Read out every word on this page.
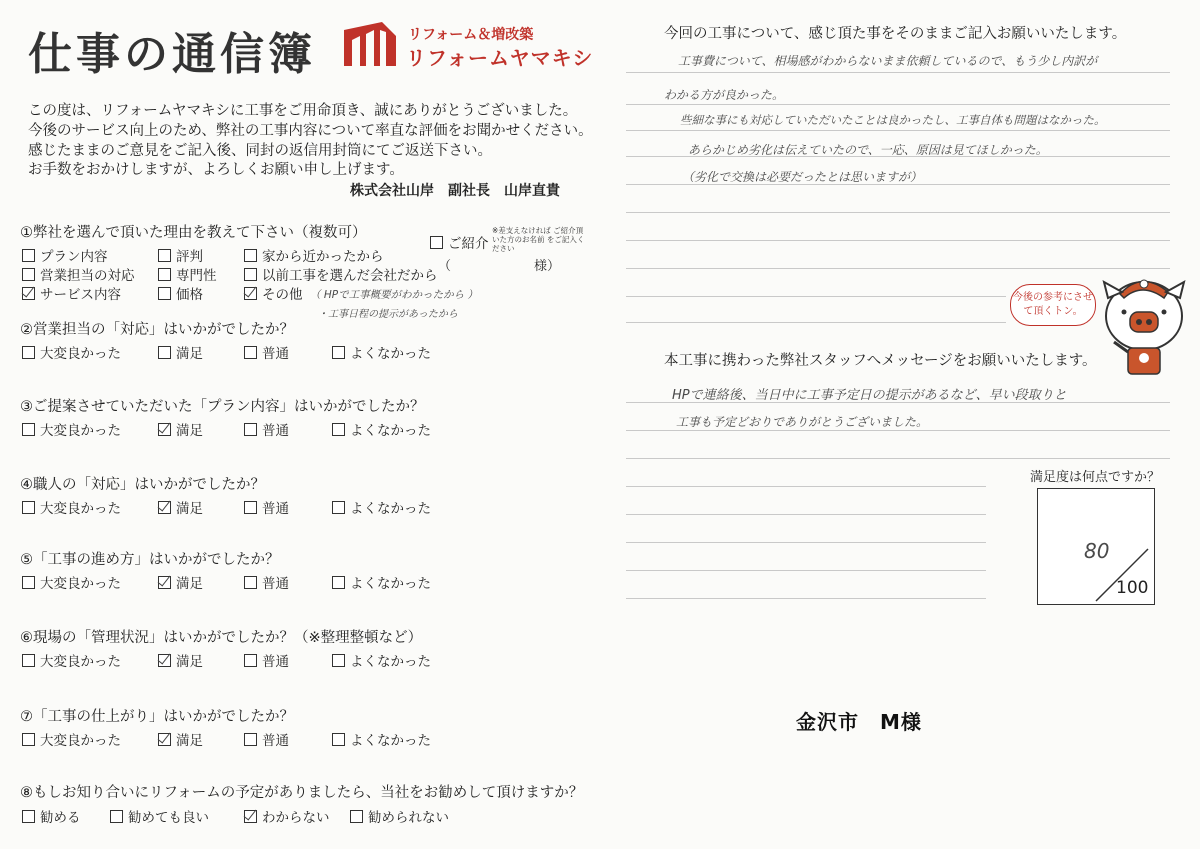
仕事の通信簿	リフォーム＆増改築
リフォームヤマキシ
この度は、リフォームヤマキシに工事をご用命頂き、誠にありがとうございました。
今後のサービス向上のため、弊社の工事内容について率直な評価をお聞かせください。
感じたままのご意見をご記入後、同封の返信用封筒にてご返送下さい。
お手数をおかけしますが、よろしくお願い申し上げます。
株式会社山岸　副社長　山岸直貴
①弊社を選んで頂いた理由を教えて下さい（複数可）
プラン内容	評判	家から近かったから
営業担当の対応	専門性	以前工事を選んだ会社だから
サービス内容	価格	その他
ご紹介
※差支えなければ ご紹介頂いた方のお名前 をご記入ください
（	様）
（ HPで工事概要がわかったから ）
・工事日程の提示があったから
②営業担当の「対応」はいかがでしたか？
大変良かった	満足	普通	よくなかった
③ご提案させていただいた「プラン内容」はいかがでしたか？
大変良かった	満足	普通	よくなかった
④職人の「対応」はいかがでしたか？
大変良かった	満足	普通	よくなかった
⑤「工事の進め方」はいかがでしたか？
大変良かった	満足	普通	よくなかった
⑥現場の「管理状況」はいかがでしたか？（※整理整頓など）
大変良かった	満足	普通	よくなかった
⑦「工事の仕上がり」はいかがでしたか？
大変良かった	満足	普通	よくなかった
⑧もしお知り合いにリフォームの予定がありましたら、当社をお勧めして頂けますか？
勧める	勧めても良い	わからない	勧められない
今回の工事について、感じ頂た事をそのままご記入お願いいたします。
工事費について、相場感がわからないまま依頼しているので、もう少し内訳が
わかる方が良かった。
些細な事にも対応していただいたことは良かったし、工事自体も問題はなかった。
あらかじめ劣化は伝えていたので、一応、原因は見てほしかった。
（劣化で交換は必要だったとは思いますが）
今後の参考にさせて頂くトン。
本工事に携わった弊社スタッフへメッセージをお願いいたします。
HPで連絡後、当日中に工事予定日の提示があるなど、早い段取りと
工事も予定どおりでありがとうございました。
満足度は何点ですか？
80
100
金沢市　M様
